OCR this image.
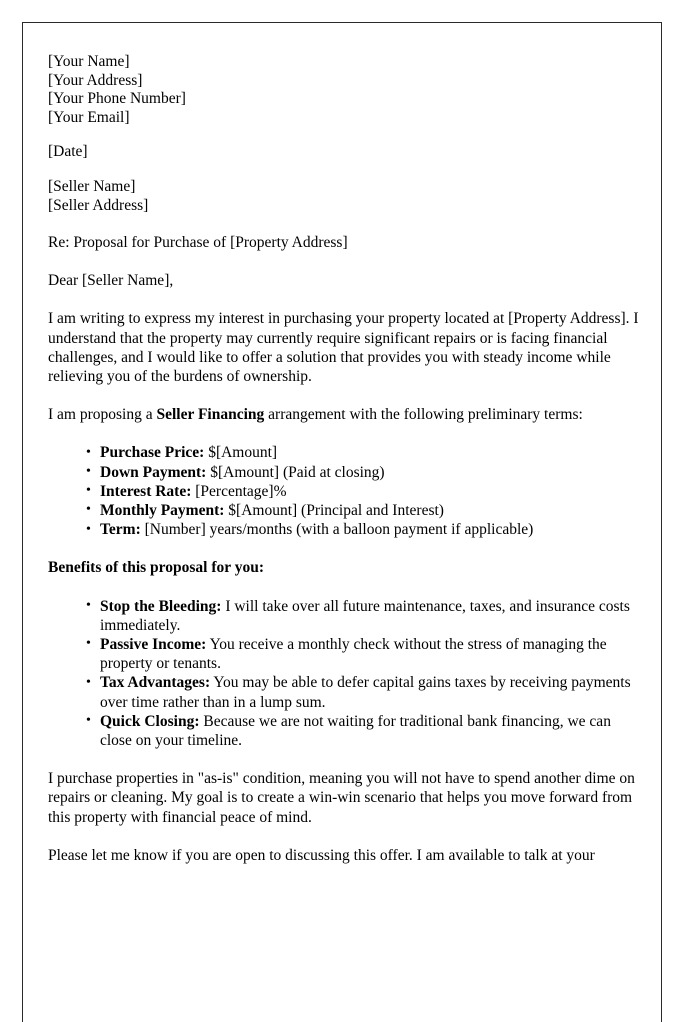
[Your Name]
[Your Address]
[Your Phone Number]
[Your Email]
[Date]
[Seller Name]
[Seller Address]
Re: Proposal for Purchase of [Property Address]
Dear [Seller Name],

I am writing to express my interest in purchasing your property located at [Property Address]. I understand that the property may currently require significant repairs or is facing financial challenges, and I would like to offer a solution that provides you with steady income while relieving you of the burdens of ownership.

I am proposing a Seller Financing arrangement with the following preliminary terms:

• Purchase Price: $[Amount]
• Down Payment: $[Amount] (Paid at closing)
• Interest Rate: [Percentage]%
• Monthly Payment: $[Amount] (Principal and Interest)
• Term: [Number] years/months (with a balloon payment if applicable)

Benefits of this proposal for you:

• Stop the Bleeding: I will take over all future maintenance, taxes, and insurance costs immediately.
• Passive Income: You receive a monthly check without the stress of managing the property or tenants.
• Tax Advantages: You may be able to defer capital gains taxes by receiving payments over time rather than in a lump sum.
• Quick Closing: Because we are not waiting for traditional bank financing, we can close on your timeline.

I purchase properties in "as-is" condition, meaning you will not have to spend another dime on repairs or cleaning. My goal is to create a win-win scenario that helps you move forward from this property with financial peace of mind.

Please let me know if you are open to discussing this offer. I am available to talk at your
